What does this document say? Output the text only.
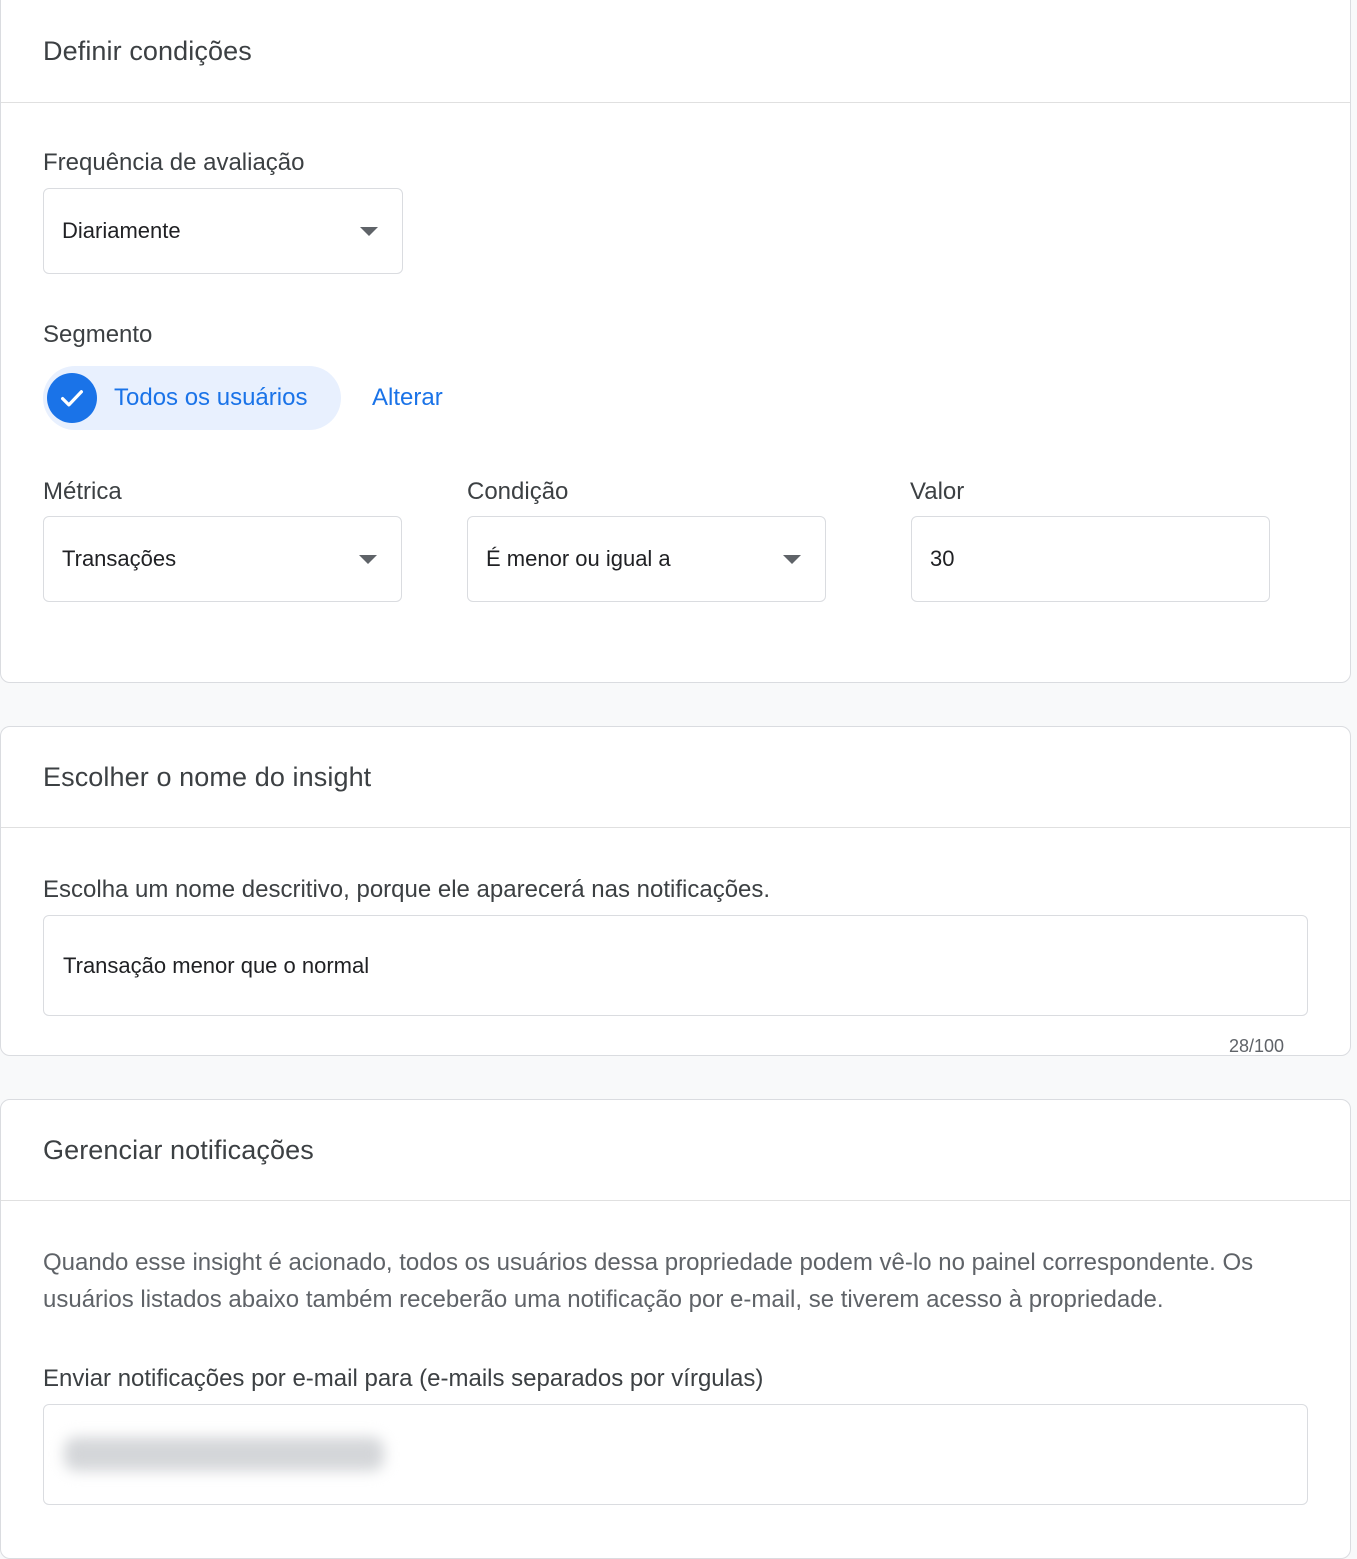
Definir condições
Frequência de avaliação
Diariamente
Segmento
Todos os usuários	Alterar
Métrica
Transações
Condição
É menor ou igual a
Valor
30
Escolher o nome do insight
Escolha um nome descritivo, porque ele aparecerá nas notificações.
Transação menor que o normal
28/100
Gerenciar notificações
Quando esse insight é acionado, todos os usuários dessa propriedade podem vê-lo no painel correspondente. Os usuários listados abaixo também receberão uma notificação por e-mail, se tiverem acesso à propriedade.
Enviar notificações por e-mail para (e-mails separados por vírgulas)
